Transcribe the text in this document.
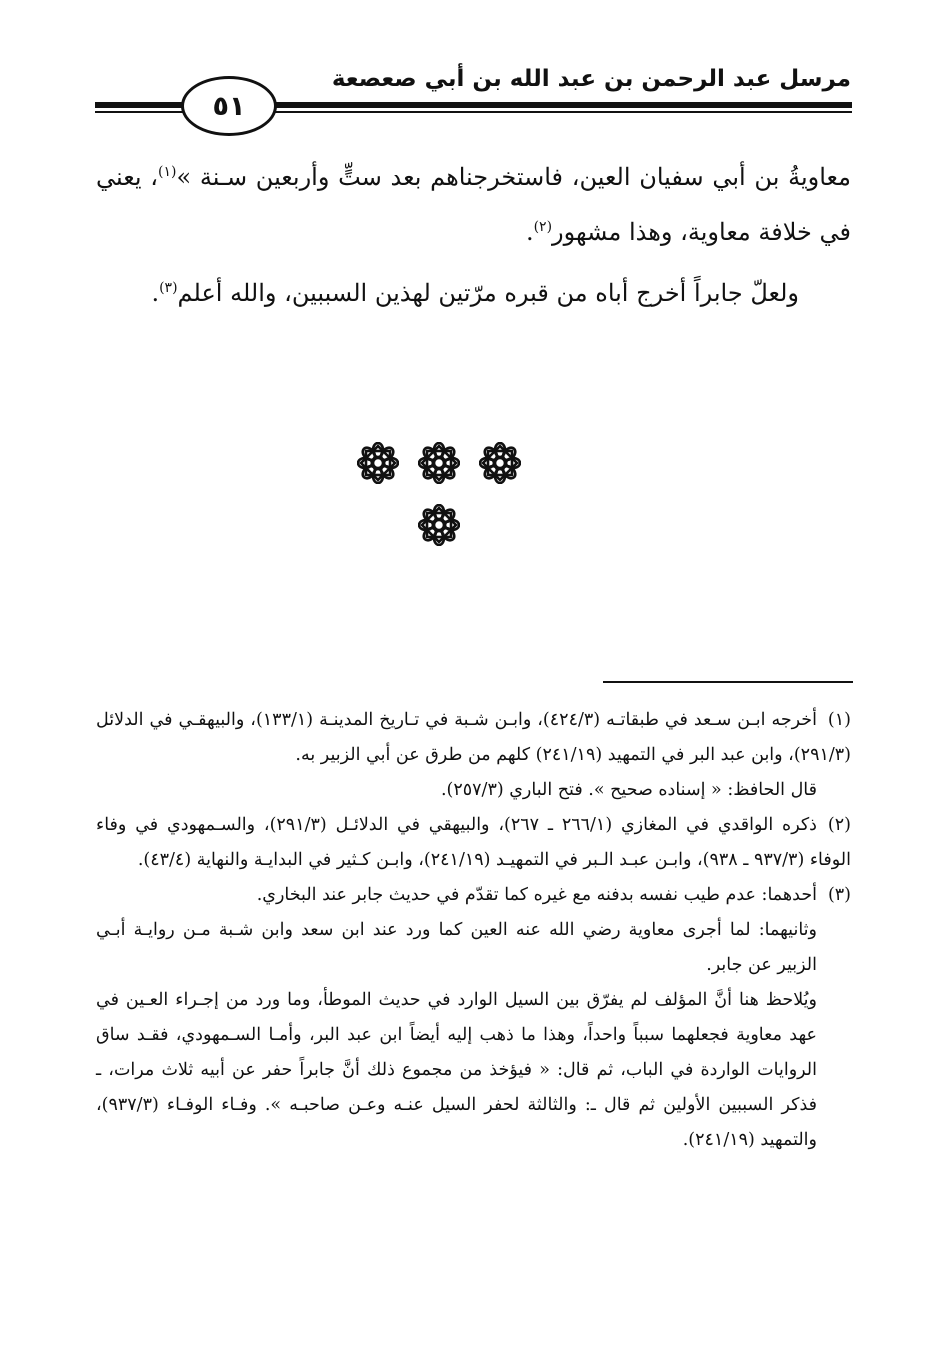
مرسل عبد الرحمن بن عبد الله بن أبي صعصعة
٥١

معاويةُ بن أبي سفيان العين، فاستخرجناهم بعد ستٍّ وأربعين سـنة »$^{(١)}$، يعني في خلافة معاوية، وهذا مشهور$^{(٢)}$.

ولعلّ جابراً أخرج أباه من قبره مرّتين لهذين السببين، والله أعلم$^{(٣)}$.

(١)أخرجه ابـن سـعد في طبقاتـه (٤٢٤/٣)، وابـن شـبة في تـاريخ المدينـة (١٣٣/١)، والبيهقـي في الدلائل (٢٩١/٣)، وابن عبد البر في التمهيد (٢٤١/١٩) كلهم من طرق عن أبي الزبير به.

قال الحافظ: « إسناده صحيح ». فتح الباري (٢٥٧/٣).

(٢)ذكره الواقدي في المغازي (٢٦٦/١ ـ ٢٦٧)، والبيهقي في الدلائـل (٢٩١/٣)، والسـمهودي في وفاء الوفاء (٩٣٧/٣ ـ ٩٣٨)، وابـن عبـد الـبر في التمهيـد (٢٤١/١٩)، وابـن كـثير في البدايـة والنهاية (٤٣/٤).

(٣)أحدهما: عدم طيب نفسه بدفنه مع غيره كما تقدّم في حديث جابر عند البخاري.

وثانيهما: لما أجرى معاوية رضي الله عنه العين كما ورد عند ابن سعد وابن شـبة مـن روايـة أبـي الزبير عن جابر.

ويُلاحظ هنا أنَّ المؤلف لم يفرّق بين السيل الوارد في حديث الموطأ، وما ورد من إجـراء العـين في عهد معاوية فجعلهما سبباً واحداً، وهذا ما ذهب إليه أيضاً ابن عبد البر، وأمـا السـمهودي، فقـد ساق الروايات الواردة في الباب، ثم قال: « فيؤخذ من مجموع ذلك أنَّ جابراً حفر عن أبيه ثلاث مرات، ـ فذكر السببين الأولين ثم قال ـ: والثالثة لحفر السيل عنـه وعـن صاحبـه ». وفـاء الوفـاء (٩٣٧/٣)، والتمهيد (٢٤١/١٩).
